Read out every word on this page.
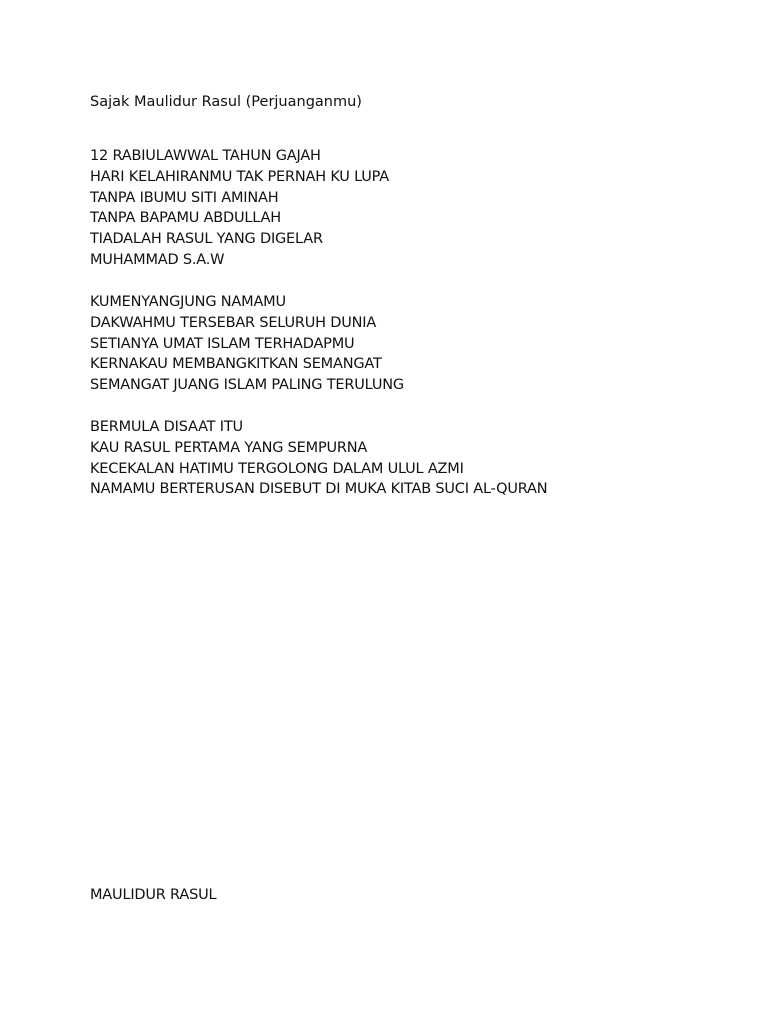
Sajak Maulidur Rasul (Perjuanganmu)
12 RABIULAWWAL TAHUN GAJAH
HARI KELAHIRANMU TAK PERNAH KU LUPA
TANPA IBUMU SITI AMINAH
TANPA BAPAMU ABDULLAH
TIADALAH RASUL YANG DIGELAR
MUHAMMAD S.A.W
KUMENYANGJUNG NAMAMU
DAKWAHMU TERSEBAR SELURUH DUNIA
SETIANYA UMAT ISLAM TERHADAPMU
KERNAKAU MEMBANGKITKAN SEMANGAT
SEMANGAT JUANG ISLAM PALING TERULUNG
BERMULA DISAAT ITU
KAU RASUL PERTAMA YANG SEMPURNA
KECEKALAN HATIMU TERGOLONG DALAM ULUL AZMI
NAMAMU BERTERUSAN DISEBUT DI MUKA KITAB SUCI AL-QURAN
MAULIDUR RASUL
